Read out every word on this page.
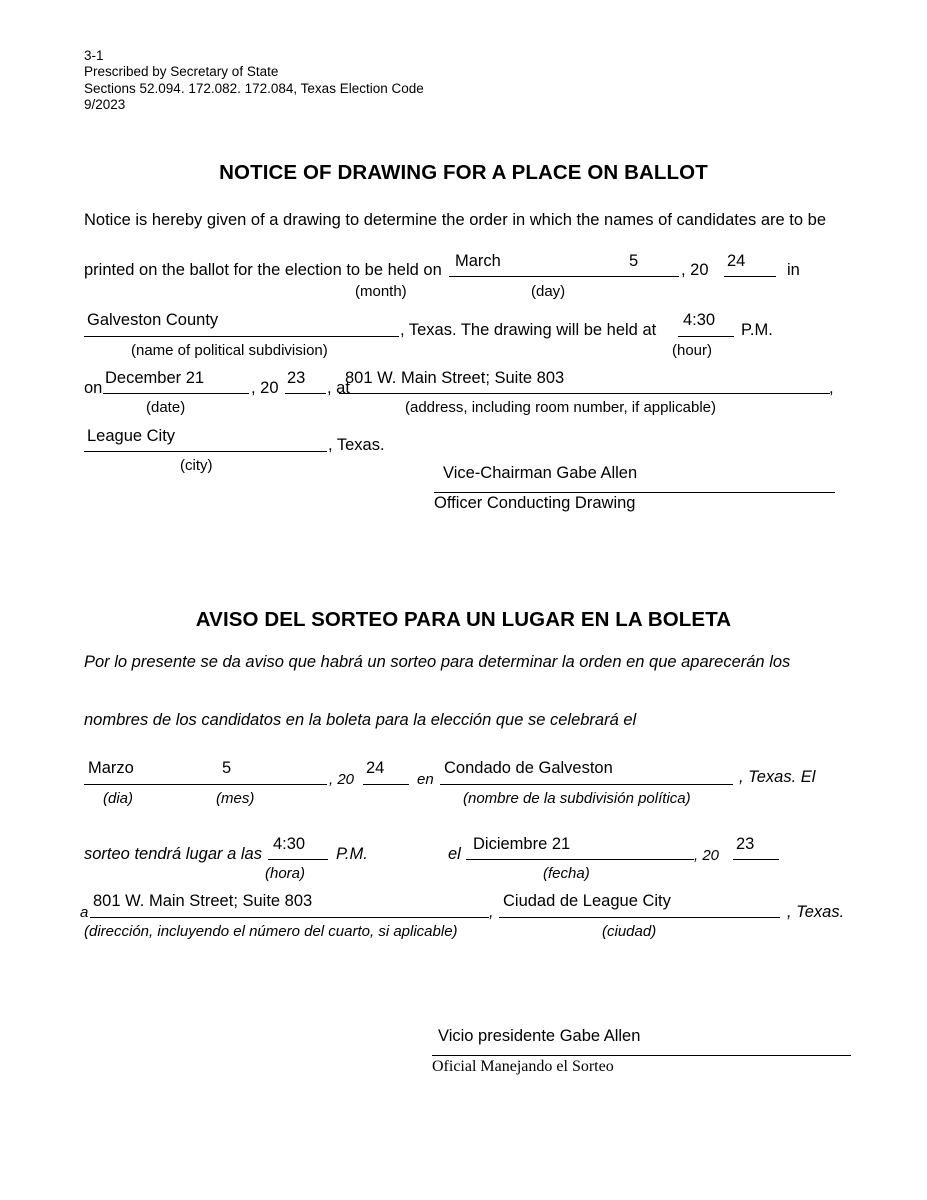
3-1
Prescribed by Secretary of State
Sections 52.094. 172.082. 172.084, Texas Election Code
9/2023
NOTICE OF DRAWING FOR A PLACE ON BALLOT
Notice is hereby given of a drawing to determine the order in which the names of candidates are to be
printed on the ballot for the election to be held on March	5
(month)	(day)
, 20 24	in
Galveston County
(name of political subdivision)
, Texas. The drawing will be held at
4:30
(hour)
P.M.
on
December 21
(date)
, 20
23
, at
801 W. Main Street; Suite 803
,
(address, including room number, if applicable)
League City
(city)
, Texas.
Vice-Chairman Gabe Allen
Officer Conducting Drawing
AVISO DEL SORTEO PARA UN LUGAR EN LA BOLETA
Por lo presente se da aviso que habrá un sorteo para determinar la orden en que aparecerán los
nombres de los candidatos en la boleta para la elección que se celebrará el
Marzo	5
(dia)	(mes)
, 20
24
en
Condado de Galveston
(nombre de la subdivisión política)
, Texas. El
sorteo tendrá lugar a las
4:30
(hora)
P.M.	el
Diciembre 21
(fecha)
, 20
23
a
801 W. Main Street; Suite 803
,
(dirección, incluyendo el número del cuarto, si aplicable)
Ciudad de League City
(ciudad)
, Texas.
Vicio presidente Gabe Allen
Oficial Manejando el Sorteo
